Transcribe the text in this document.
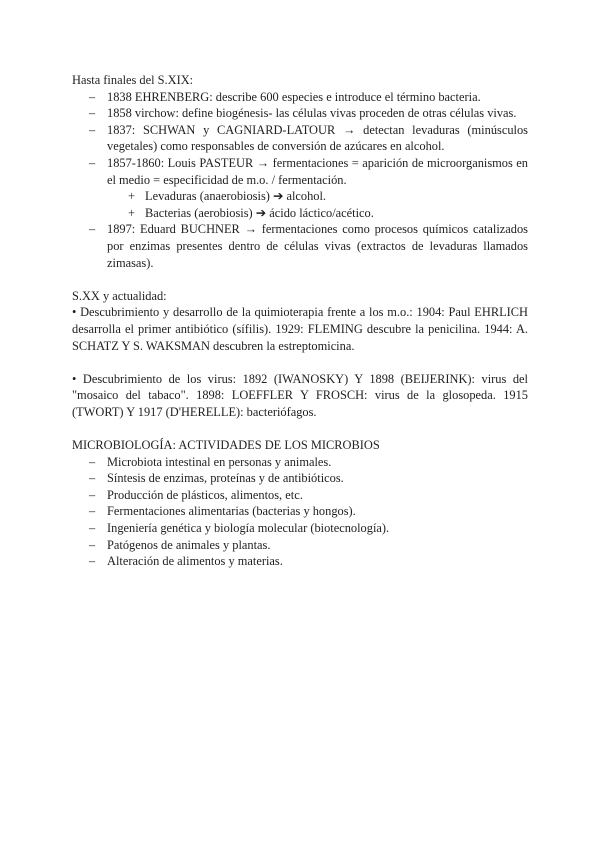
Hasta finales del S.XIX:

– 1838 EHRENBERG: describe 600 especies e introduce el término bacteria.
– 1858 virchow: define biogénesis- las células vivas proceden de otras células vivas.
– 1837: SCHWAN y CAGNIARD-LATOUR → detectan levaduras (minúsculos vegetales) como responsables de conversión de azúcares en alcohol.
– 1857-1860: Louis PASTEUR → fermentaciones = aparición de microorganismos en el medio = especificidad de m.o. / fermentación.
+ Levaduras (anaerobiosis) ➔ alcohol.
+ Bacterias (aerobiosis) ➔ ácido láctico/acético.
– 1897: Eduard BUCHNER → fermentaciones como procesos químicos catalizados por enzimas presentes dentro de células vivas (extractos de levaduras llamados zimasas).

S.XX y actualidad:

• Descubrimiento y desarrollo de la quimioterapia frente a los m.o.: 1904: Paul EHRLICH desarrolla el primer antibiótico (sífilis). 1929: FLEMING descubre la penicilina. 1944: A. SCHATZ Y S. WAKSMAN descubren la estreptomicina.

• Descubrimiento de los virus: 1892 (IWANOSKY) Y 1898 (BEIJERINK): virus del "mosaico del tabaco". 1898: LOEFFLER Y FROSCH: virus de la glosopeda. 1915 (TWORT) Y 1917 (D'HERELLE): bacteriófagos.

MICROBIOLOGÍA: ACTIVIDADES DE LOS MICROBIOS

– Microbiota intestinal en personas y animales.
– Síntesis de enzimas, proteínas y de antibióticos.
– Producción de plásticos, alimentos, etc.
– Fermentaciones alimentarias (bacterias y hongos).
– Ingeniería genética y biología molecular (biotecnología).
– Patógenos de animales y plantas.
– Alteración de alimentos y materias.
